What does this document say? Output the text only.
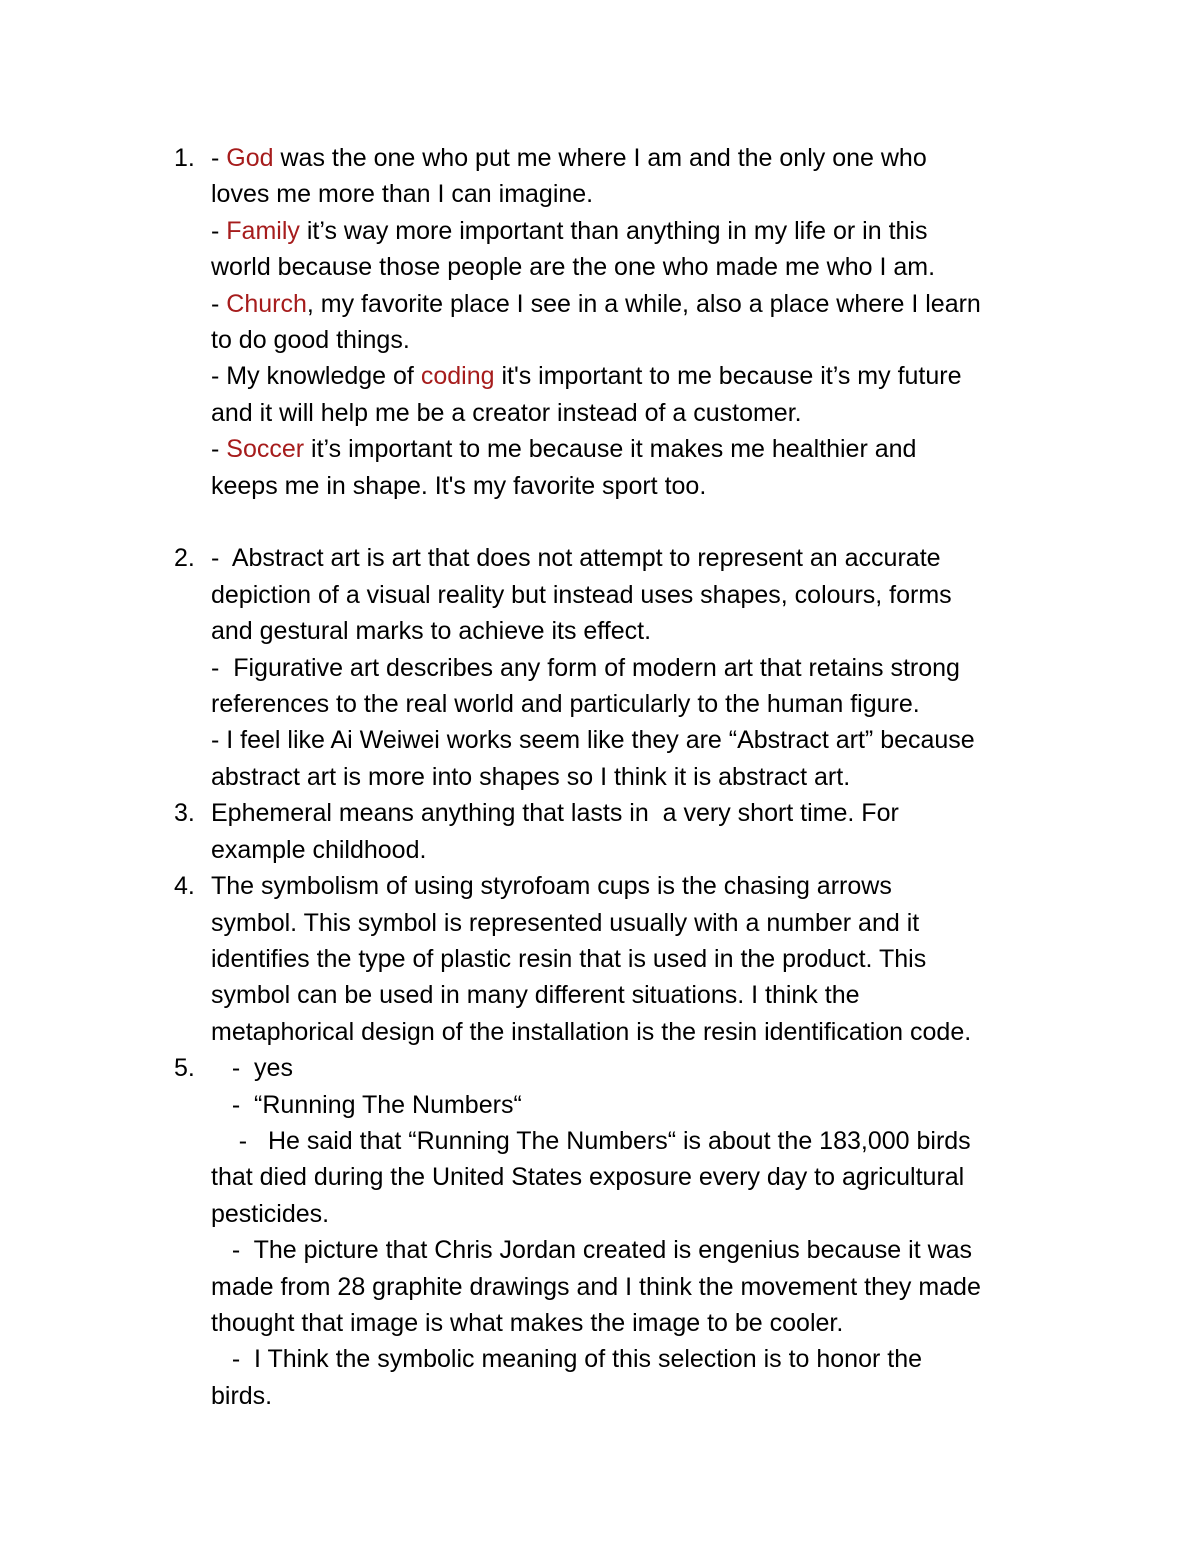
1. - God was the one who put me where I am and the only one who
loves me more than I can imagine.
- Family it’s way more important than anything in my life or in this
world because those people are the one who made me who I am.
- Church, my favorite place I see in a while, also a place where I learn
to do good things.
- My knowledge of coding it's important to me because it’s my future
and it will help me be a creator instead of a customer.
- Soccer it’s important to me because it makes me healthier and
keeps me in shape. It's my favorite sport too.
2. -  Abstract art is art that does not attempt to represent an accurate
depiction of a visual reality but instead uses shapes, colours, forms
and gestural marks to achieve its effect.
-  Figurative art describes any form of modern art that retains strong
references to the real world and particularly to the human figure.
- I feel like Ai Weiwei works seem like they are “Abstract art” because
abstract art is more into shapes so I think it is abstract art.
3. Ephemeral means anything that lasts in  a very short time. For
example childhood.
4. The symbolism of using styrofoam cups is the chasing arrows
symbol. This symbol is represented usually with a number and it
identifies the type of plastic resin that is used in the product. This
symbol can be used in many different situations. I think the
metaphorical design of the installation is the resin identification code.
5. -  yes
-  “Running The Numbers“
-   He said that “Running The Numbers“ is about the 183,000 birds
that died during the United States exposure every day to agricultural
pesticides.
-  The picture that Chris Jordan created is engenius because it was
made from 28 graphite drawings and I think the movement they made
thought that image is what makes the image to be cooler.
-  I Think the symbolic meaning of this selection is to honor the
birds.
